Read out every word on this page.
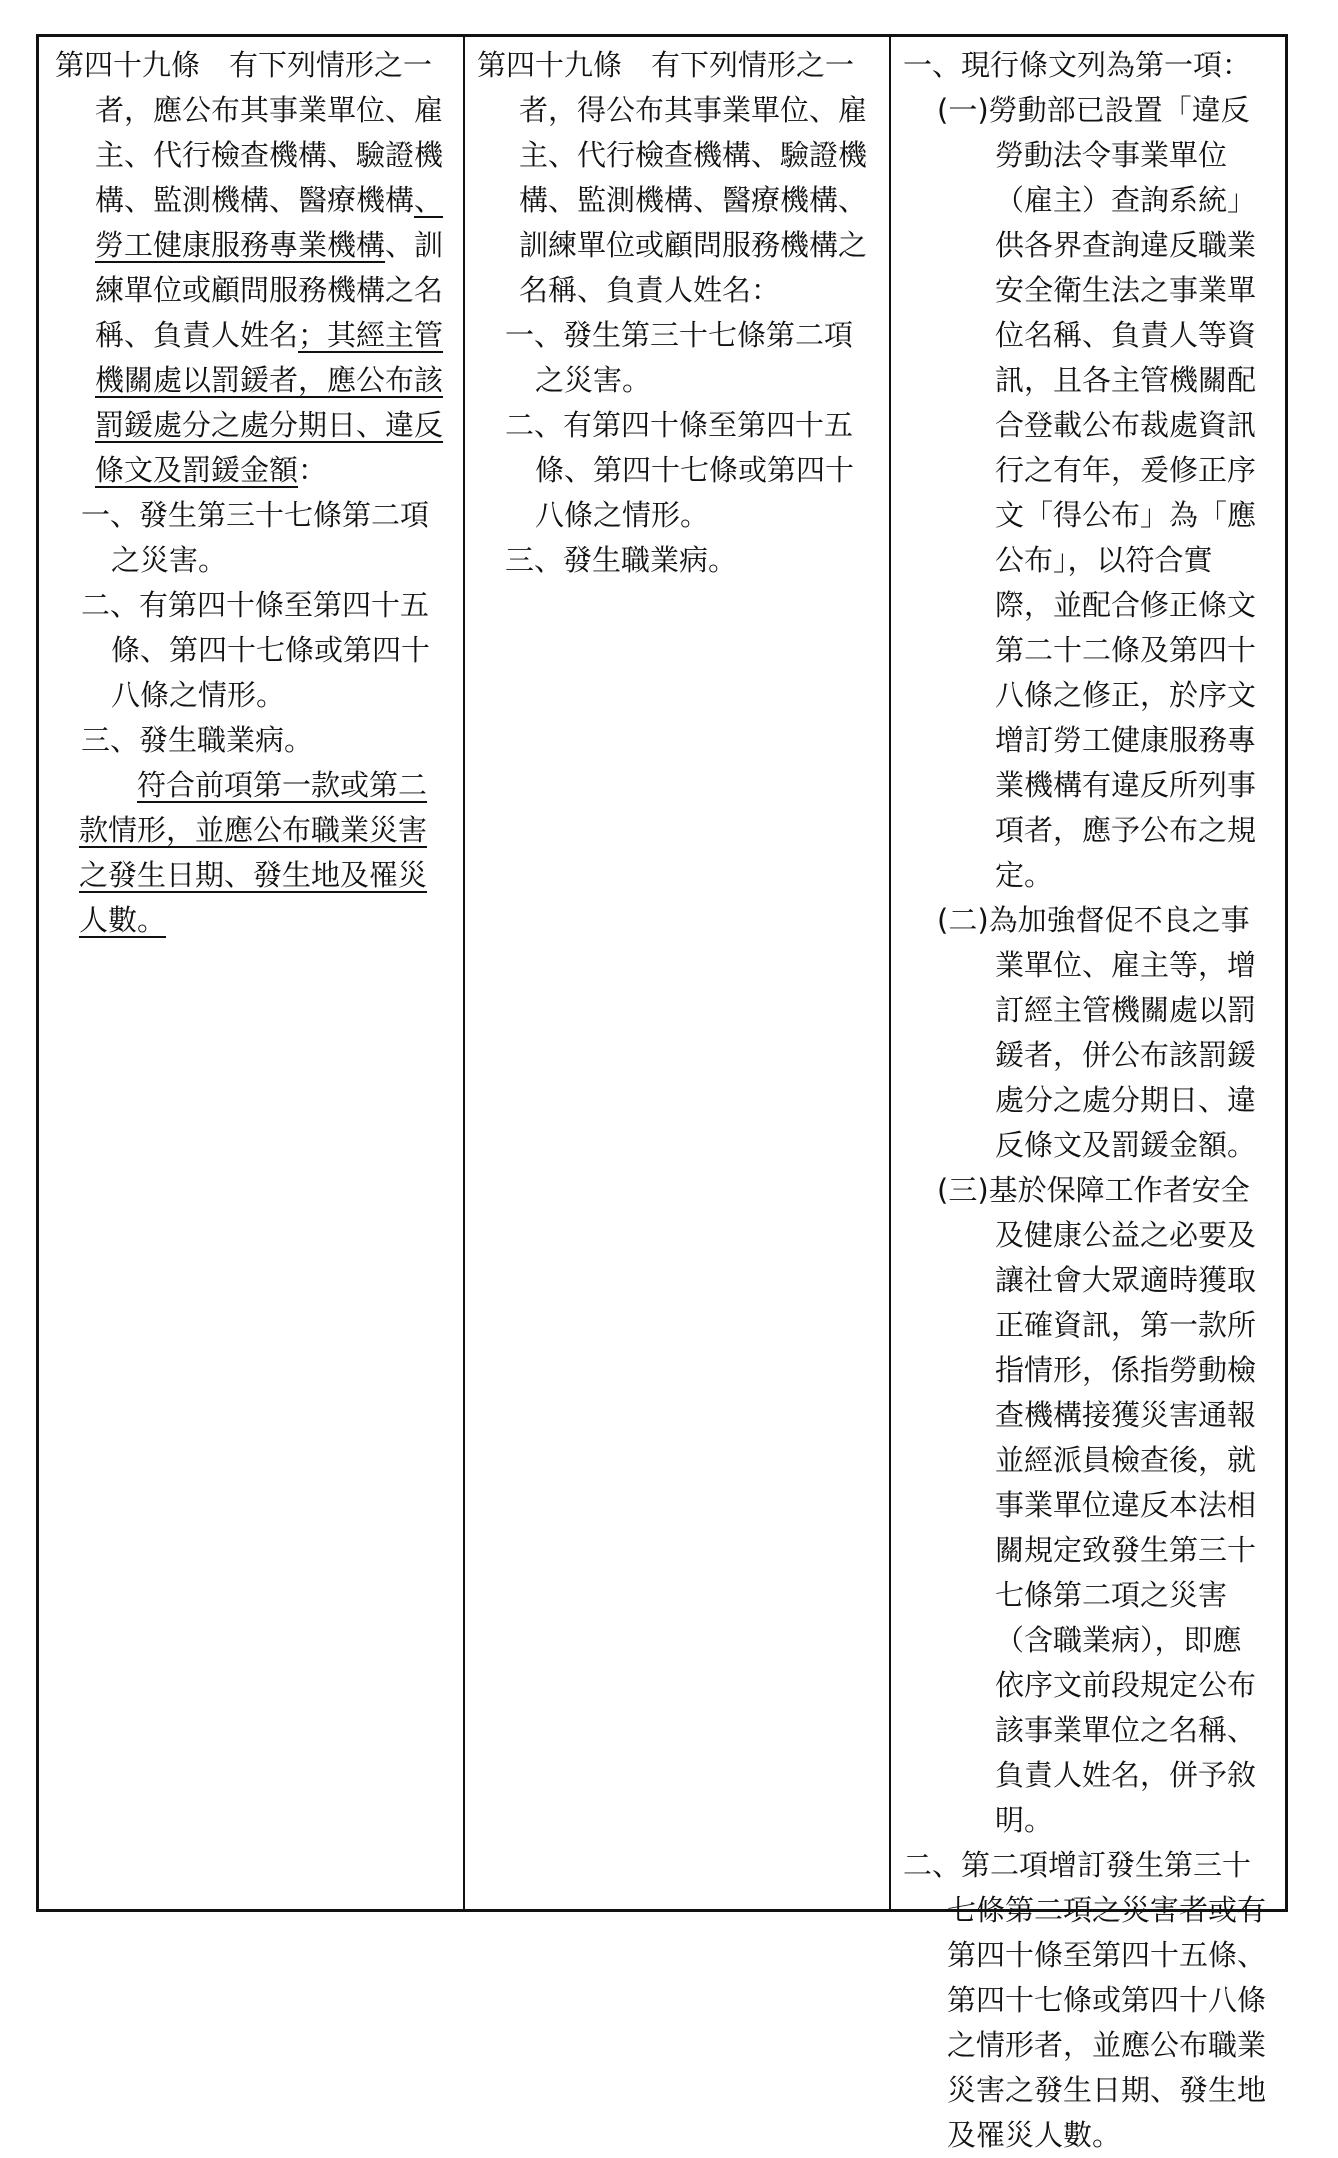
第四十九條　有下列情形之一者，應公布其事業單位、雇主、代行檢查機構、驗證機構、監測機構、醫療機構、勞工健康服務專業機構、訓練單位或顧問服務機構之名稱、負責人姓名；其經主管機關處以罰鍰者，應公布該罰鍰處分之處分期日、違反條文及罰鍰金額：

一、發生第三十七條第二項之災害。

二、有第四十條至第四十五條、第四十七條或第四十八條之情形。

三、發生職業病。

符合前項第一款或第二款情形，並應公布職業災害之發生日期、發生地及罹災人數。

第四十九條　有下列情形之一者，得公布其事業單位、雇主、代行檢查機構、驗證機構、監測機構、醫療機構、訓練單位或顧問服務機構之名稱、負責人姓名：

一、發生第三十七條第二項之災害。

二、有第四十條至第四十五條、第四十七條或第四十八條之情形。

三、發生職業病。

一、現行條文列為第一項：

(一)勞動部已設置「違反勞動法令事業單位（雇主）查詢系統」供各界查詢違反職業安全衛生法之事業單位名稱、負責人等資訊，且各主管機關配合登載公布裁處資訊行之有年，爰修正序文「得公布」為「應公布」，以符合實際，並配合修正條文第二十二條及第四十八條之修正，於序文增訂勞工健康服務專業機構有違反所列事項者，應予公布之規定。

(二)為加強督促不良之事業單位、雇主等，增訂經主管機關處以罰鍰者，併公布該罰鍰處分之處分期日、違反條文及罰鍰金額。

(三)基於保障工作者安全及健康公益之必要及讓社會大眾適時獲取正確資訊，第一款所指情形，係指勞動檢查機構接獲災害通報並經派員檢查後，就事業單位違反本法相關規定致發生第三十七條第二項之災害（含職業病），即應依序文前段規定公布該事業單位之名稱、負責人姓名，併予敘明。

二、第二項增訂發生第三十七條第二項之災害者或有第四十條至第四十五條、第四十七條或第四十八條之情形者，並應公布職業災害之發生日期、發生地及罹災人數。
